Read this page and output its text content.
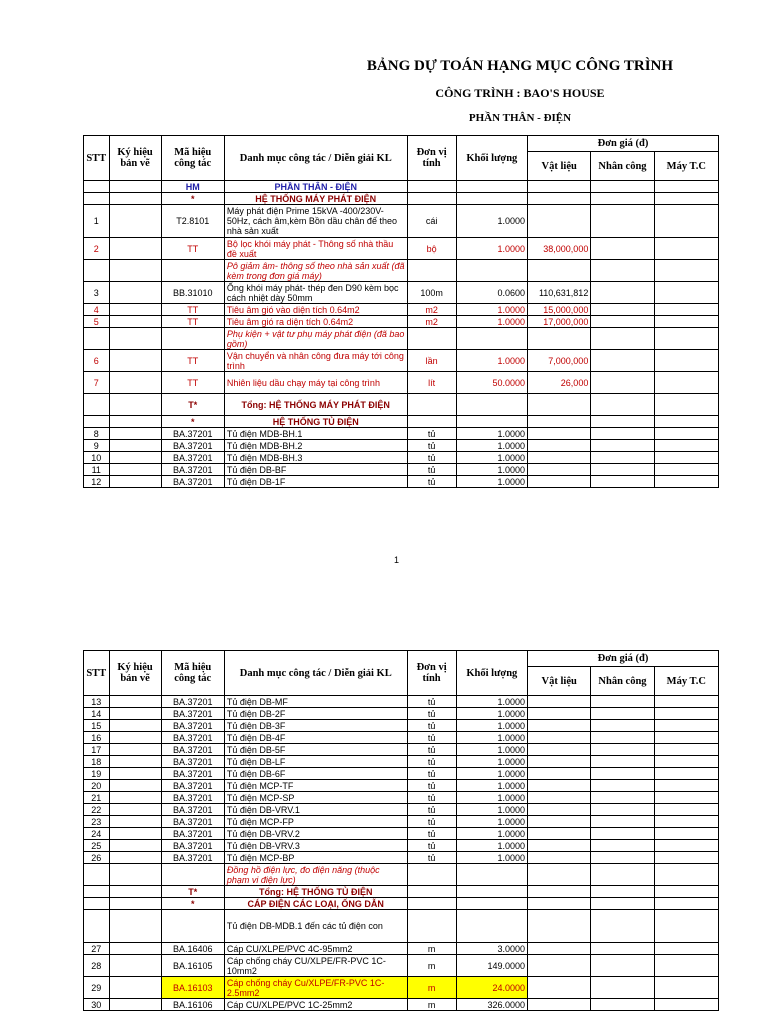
BẢNG DỰ TOÁN HẠNG MỤC CÔNG TRÌNH
CÔNG TRÌNH : BAO'S HOUSE
PHẦN THÂN - ĐIỆN
STT	Ký hiệu bản vẽ	Mã hiệu công tác	Danh mục công tác / Diễn giải KL	Đơn vị tính	Khối lượng	Đơn giá (đ)		
						Vật liệu	Nhân công	Máy T.C
		HM	PHẦN THÂN - ĐIỆN					
		*	HỆ THỐNG MÁY PHÁT ĐIỆN					
1		T2.8101	Máy phát điện Prime 15kVA -400/230V-50Hz, cách âm,kèm Bồn dầu chân đế theo nhà sản xuất	cái	1.0000			
2		TT	Bộ lọc khói máy phát - Thông số nhà thầu đề xuất	bộ	1.0000	38,000,000		
			Pô giảm âm- thông số theo nhà sản xuất (đã kèm trong đơn giá máy)					
3		BB.31010	Ống khói máy phát- thép đen D90 kèm bọc cách nhiệt dày 50mm	100m	0.0600	110,631,812		
4		TT	Tiêu âm gió vào diện tích 0.64m2	m2	1.0000	15,000,000		
5		TT	Tiêu âm gió ra diện tích 0.64m2	m2	1.0000	17,000,000		
			Phụ kiện + vật tư phụ máy phát điện (đã bao gồm)					
6		TT	Vận chuyển và nhân công đưa máy tới công trình	lần	1.0000	7,000,000		
7		TT	Nhiên liệu dầu chạy máy tại công trình	lít	50.0000	26,000		
		T*	Tổng: HỆ THỐNG MÁY PHÁT ĐIỆN					
		*	HỆ THỐNG TỦ ĐIỆN					
8		BA.37201	Tủ điện MDB-BH.1	tủ	1.0000			
9		BA.37201	Tủ điện MDB-BH.2	tủ	1.0000			
10		BA.37201	Tủ điện MDB-BH.3	tủ	1.0000			
11		BA.37201	Tủ điện DB-BF	tủ	1.0000			
12		BA.37201	Tủ điện DB-1F	tủ	1.0000			
1
STT	Ký hiệu bản vẽ	Mã hiệu công tác	Danh mục công tác / Diễn giải KL	Đơn vị tính	Khối lượng	Đơn giá (đ)		
						Vật liệu	Nhân công	Máy T.C
13		BA.37201	Tủ điện DB-MF	tủ	1.0000			
14		BA.37201	Tủ điện DB-2F	tủ	1.0000			
15		BA.37201	Tủ điện DB-3F	tủ	1.0000			
16		BA.37201	Tủ điện DB-4F	tủ	1.0000			
17		BA.37201	Tủ điện DB-5F	tủ	1.0000			
18		BA.37201	Tủ điện DB-LF	tủ	1.0000			
19		BA.37201	Tủ điện DB-6F	tủ	1.0000			
20		BA.37201	Tủ điện MCP-TF	tủ	1.0000			
21		BA.37201	Tủ điện MCP-SP	tủ	1.0000			
22		BA.37201	Tủ điện DB-VRV.1	tủ	1.0000			
23		BA.37201	Tủ điện MCP-FP	tủ	1.0000			
24		BA.37201	Tủ điện DB-VRV.2	tủ	1.0000			
25		BA.37201	Tủ điện DB-VRV.3	tủ	1.0000			
26		BA.37201	Tủ điện MCP-BP	tủ	1.0000			
			Đồng hồ điện lực, đo điện năng (thuộc phạm vi điện lực)					
		T*	Tổng: HỆ THỐNG TỦ ĐIỆN					
		*	CÁP ĐIỆN CÁC LOẠI, ỐNG DẪN					
			Tủ điện DB-MDB.1 đến các tủ điện con					
27		BA.16406	Cáp CU/XLPE/PVC 4C-95mm2	m	3.0000			
28		BA.16105	Cáp chống cháy CU/XLPE/FR-PVC 1C-10mm2	m	149.0000			
29		BA.16103	Cáp chống cháy Cu/XLPE/FR-PVC 1C-2.5mm2	m	24.0000			
30		BA.16106	Cáp CU/XLPE/PVC 1C-25mm2	m	326.0000			
